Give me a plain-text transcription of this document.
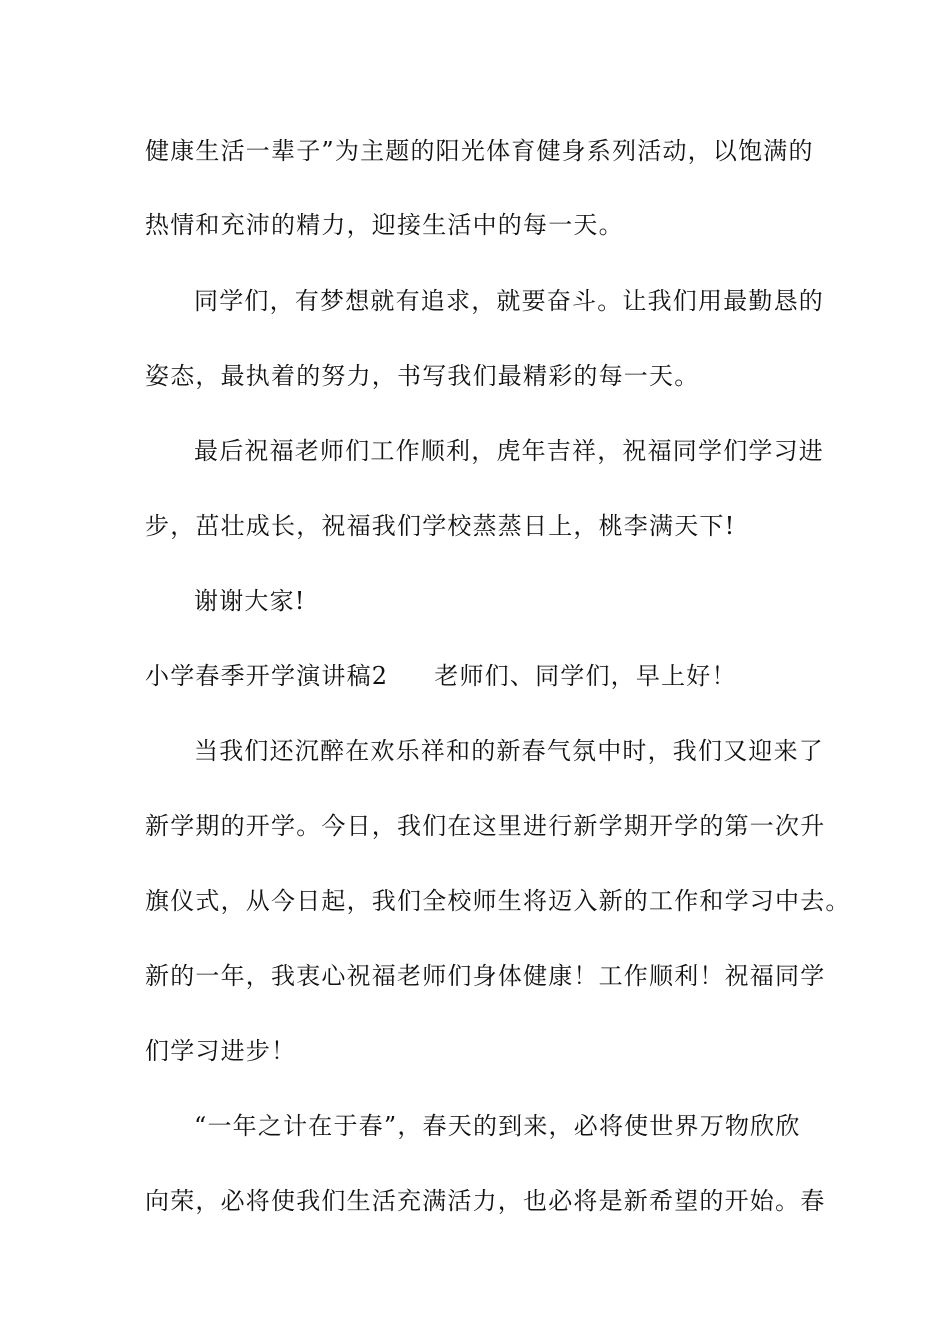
健康生活一辈子”为主题的阳光体育健身系列活动，以饱满的
热情和充沛的精力，迎接生活中的每一天。
同学们，有梦想就有追求，就要奋斗。让我们用最勤恳的
姿态，最执着的努力，书写我们最精彩的每一天。
最后祝福老师们工作顺利，虎年吉祥，祝福同学们学习进
步，茁壮成长，祝福我们学校蒸蒸日上，桃李满天下!
谢谢大家!
小学春季开学演讲稿2 老师们、同学们，早上好！
当我们还沉醉在欢乐祥和的新春气氛中时，我们又迎来了
新学期的开学。今日，我们在这里进行新学期开学的第一次升
旗仪式，从今日起，我们全校师生将迈入新的工作和学习中去。
新的一年，我衷心祝福老师们身体健康！工作顺利！祝福同学
们学习进步！
“一年之计在于春”，春天的到来，必将使世界万物欣欣
向荣，必将使我们生活充满活力，也必将是新希望的开始。春
